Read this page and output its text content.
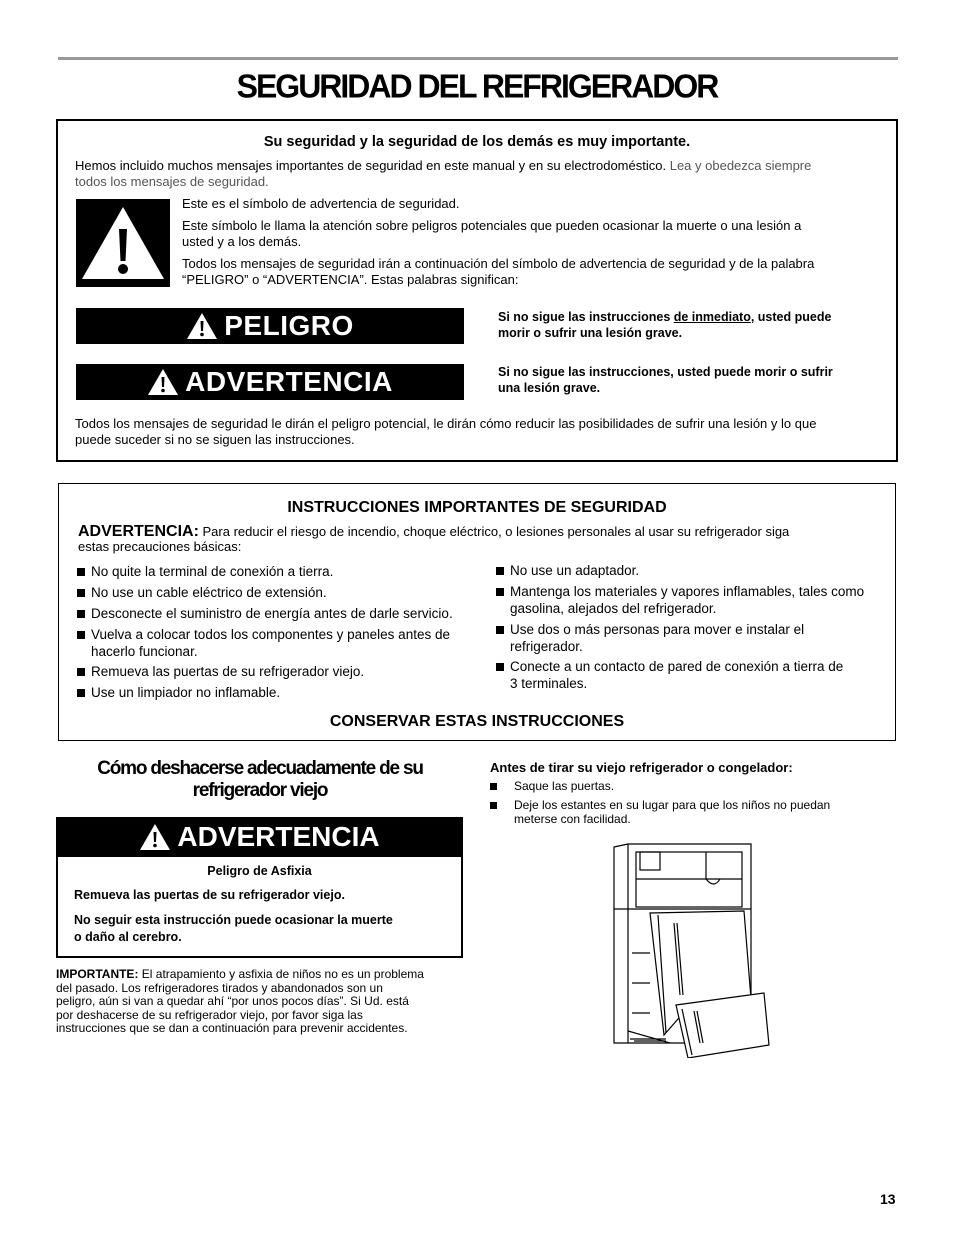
SEGURIDAD DEL REFRIGERADOR
Su seguridad y la seguridad de los demás es muy importante.
Hemos incluido muchos mensajes importantes de seguridad en este manual y en su electrodoméstico. Lea y obedezca siempre
todos los mensajes de seguridad.
Este es el símbolo de advertencia de seguridad.
Este símbolo le llama la atención sobre peligros potenciales que pueden ocasionar la muerte o una lesión a
usted y a los demás.
Todos los mensajes de seguridad irán a continuación del símbolo de advertencia de seguridad y de la palabra
“PELIGRO” o “ADVERTENCIA”. Estas palabras significan:
PELIGRO	Si no sigue las instrucciones de inmediato, usted puede
morir o sufrir una lesión grave.
ADVERTENCIA	Si no sigue las instrucciones, usted puede morir o sufrir
una lesión grave.
Todos los mensajes de seguridad le dirán el peligro potencial, le dirán cómo reducir las posibilidades de sufrir una lesión y lo que
puede suceder si no se siguen las instrucciones.
INSTRUCCIONES IMPORTANTES DE SEGURIDAD
ADVERTENCIA: Para reducir el riesgo de incendio, choque eléctrico, o lesiones personales al usar su refrigerador siga
estas precauciones básicas:
No quite la terminal de conexión a tierra.
No use un cable eléctrico de extensión.
Desconecte el suministro de energía antes de darle servicio.
Vuelva a colocar todos los componentes y paneles antes de
hacerlo funcionar.
Remueva las puertas de su refrigerador viejo.
Use un limpiador no inflamable.
No use un adaptador.
Mantenga los materiales y vapores inflamables, tales como
gasolina, alejados del refrigerador.
Use dos o más personas para mover e instalar el
refrigerador.
Conecte a un contacto de pared de conexión a tierra de
3 terminales.
CONSERVAR ESTAS INSTRUCCIONES
Cómo deshacerse adecuadamente de su
refrigerador viejo
ADVERTENCIA
Peligro de Asfixia
Remueva las puertas de su refrigerador viejo.
No seguir esta instrucción puede ocasionar la muerte
o daño al cerebro.
IMPORTANTE: El atrapamiento y asfixia de niños no es un problema
del pasado. Los refrigeradores tirados y abandonados son un
peligro, aún si van a quedar ahí “por unos pocos días”. Si Ud. está
por deshacerse de su refrigerador viejo, por favor siga las
instrucciones que se dan a continuación para prevenir accidentes.
Antes de tirar su viejo refrigerador o congelador:
Saque las puertas.
Deje los estantes en su lugar para que los niños no puedan
meterse con facilidad.
13
